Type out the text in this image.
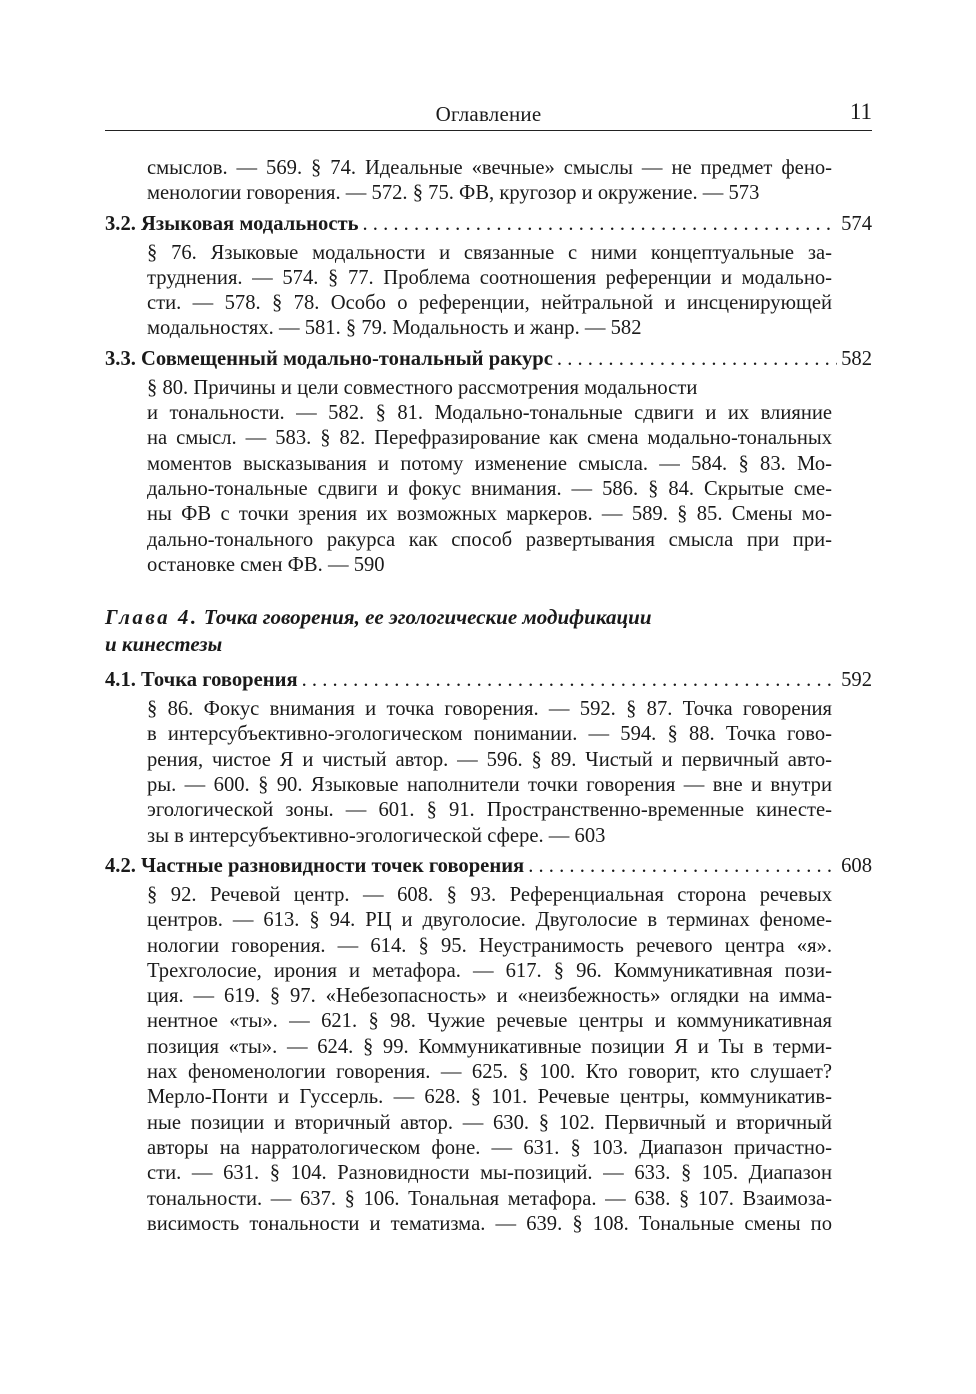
Оглавление	11
смыслов. — 569. § 74. Идеальные «вечные» смыслы — не предмет фено-
менологии говорения. — 572. § 75. ФВ, кругозор и окружение. — 573
3.2. Языковая модальность . . .	574
§ 76. Языковые модальности и связанные с ними концептуальные за-
труднения. — 574. § 77. Проблема соотношения референции и модально-
сти. — 578. § 78. Особо о референции, нейтральной и инсценирующей
модальностях. — 581. § 79. Модальность и жанр. — 582
3.3. Совмещенный модально-тональный ракурс . . .	582
§ 80. Причины и цели совместного рассмотрения модальности
и тональности. — 582. § 81. Модально-тональные сдвиги и их влияние
на смысл. — 583. § 82. Перефразирование как смена модально-тональных
моментов высказывания и потому изменение смысла. — 584. § 83. Мо-
дально-тональные сдвиги и фокус внимания. — 586. § 84. Скрытые сме-
ны ФВ с точки зрения их возможных маркеров. — 589. § 85. Смены мо-
дально-тонального ракурса как способ развертывания смысла при при-
остановке смен ФВ. — 590
Глава 4. Точка говорения, ее эгологические модификации
и кинестезы
4.1. Точка говорения . . .	592
§ 86. Фокус внимания и точка говорения. — 592. § 87. Точка говорения
в интерсубъективно-эгологическом понимании. — 594. § 88. Точка гово-
рения, чистое Я и чистый автор. — 596. § 89. Чистый и первичный авто-
ры. — 600. § 90. Языковые наполнители точки говорения — вне и внутри
эгологической зоны. — 601. § 91. Пространственно-временные кинесте-
зы в интерсубъективно-эгологической сфере. — 603
4.2. Частные разновидности точек говорения . . .	608
§ 92. Речевой центр. — 608. § 93. Референциальная сторона речевых
центров. — 613. § 94. РЦ и двуголосие. Двуголосие в терминах феноме-
нологии говорения. — 614. § 95. Неустранимость речевого центра «я».
Трехголосие, ирония и метафора. — 617. § 96. Коммуникативная пози-
ция. — 619. § 97. «Небезопасность» и «неизбежность» оглядки на имма-
нентное «ты». — 621. § 98. Чужие речевые центры и коммуникативная
позиция «ты». — 624. § 99. Коммуникативные позиции Я и Ты в терми-
нах феноменологии говорения. — 625. § 100. Кто говорит, кто слушает?
Мерло-Понти и Гуссерль. — 628. § 101. Речевые центры, коммуникатив-
ные позиции и вторичный автор. — 630. § 102. Первичный и вторичный
авторы на нарратологическом фоне. — 631. § 103. Диапазон причастно-
сти. — 631. § 104. Разновидности мы-позиций. — 633. § 105. Диапазон
тональности. — 637. § 106. Тональная метафора. — 638. § 107. Взаимоза-
висимость тональности и тематизма. — 639. § 108. Тональные смены по
